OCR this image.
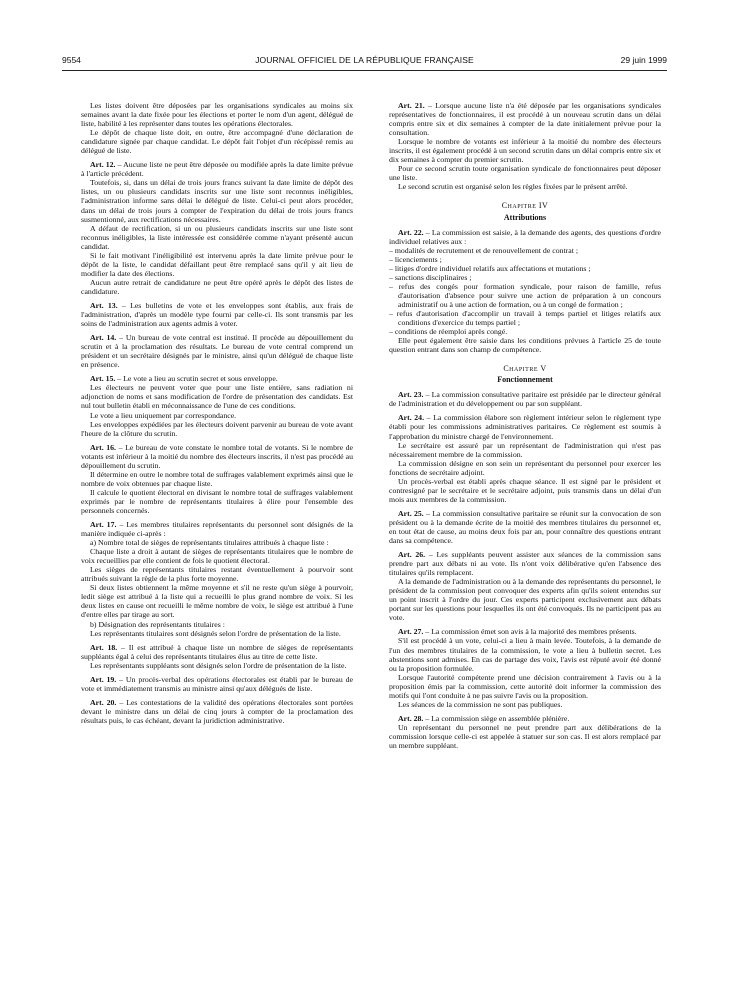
9554	JOURNAL OFFICIEL DE LA RÉPUBLIQUE FRANÇAISE	29 juin 1999

Les listes doivent être déposées par les organisations syndicales au moins six semaines avant la date fixée pour les élections et porter le nom d'un agent, délégué de liste, habilité à les représenter dans toutes les opérations électorales.

Le dépôt de chaque liste doit, en outre, être accompagné d'une déclaration de candidature signée par chaque candidat. Le dépôt fait l'objet d'un récépissé remis au délégué de liste.

Art. 12. – Aucune liste ne peut être déposée ou modifiée après la date limite prévue à l'article précédent.

Toutefois, si, dans un délai de trois jours francs suivant la date limite de dépôt des listes, un ou plusieurs candidats inscrits sur une liste sont reconnus inéligibles, l'administration informe sans délai le délégué de liste. Celui-ci peut alors procéder, dans un délai de trois jours à compter de l'expiration du délai de trois jours francs susmentionné, aux rectifications nécessaires.

A défaut de rectification, si un ou plusieurs candidats inscrits sur une liste sont reconnus inéligibles, la liste intéressée est considérée comme n'ayant présenté aucun candidat.

Si le fait motivant l'inéligibilité est intervenu après la date limite prévue pour le dépôt de la liste, le candidat défaillant peut être remplacé sans qu'il y ait lieu de modifier la date des élections.

Aucun autre retrait de candidature ne peut être opéré après le dépôt des listes de candidature.

Art. 13. – Les bulletins de vote et les enveloppes sont établis, aux frais de l'administration, d'après un modèle type fourni par celle-ci. Ils sont transmis par les soins de l'administration aux agents admis à voter.

Art. 14. – Un bureau de vote central est institué. Il procède au dépouillement du scrutin et à la proclamation des résultats. Le bureau de vote central comprend un président et un secrétaire désignés par le ministre, ainsi qu'un délégué de chaque liste en présence.

Art. 15. – Le vote a lieu au scrutin secret et sous enveloppe.

Les électeurs ne peuvent voter que pour une liste entière, sans radiation ni adjonction de noms et sans modification de l'ordre de présentation des candidats. Est nul tout bulletin établi en méconnaissance de l'une de ces conditions.

Le vote a lieu uniquement par correspondance.

Les enveloppes expédiées par les électeurs doivent parvenir au bureau de vote avant l'heure de la clôture du scrutin.

Art. 16. – Le bureau de vote constate le nombre total de votants. Si le nombre de votants est inférieur à la moitié du nombre des électeurs inscrits, il n'est pas procédé au dépouillement du scrutin.

Il détermine en outre le nombre total de suffrages valablement exprimés ainsi que le nombre de voix obtenues par chaque liste.

Il calcule le quotient électoral en divisant le nombre total de suffrages valablement exprimés par le nombre de représentants titulaires à élire pour l'ensemble des personnels concernés.

Art. 17. – Les membres titulaires représentants du personnel sont désignés de la manière indiquée ci-après :

a) Nombre total de sièges de représentants titulaires attribués à chaque liste :

Chaque liste a droit à autant de sièges de représentants titulaires que le nombre de voix recueillies par elle contient de fois le quotient électoral.

Les sièges de représentants titulaires restant éventuellement à pourvoir sont attribués suivant la règle de la plus forte moyenne.

Si deux listes obtiennent la même moyenne et s'il ne reste qu'un siège à pourvoir, ledit siège est attribué à la liste qui a recueilli le plus grand nombre de voix. Si les deux listes en cause ont recueilli le même nombre de voix, le siège est attribué à l'une d'entre elles par tirage au sort.

b) Désignation des représentants titulaires :

Les représentants titulaires sont désignés selon l'ordre de présentation de la liste.

Art. 18. – Il est attribué à chaque liste un nombre de sièges de représentants suppléants égal à celui des représentants titulaires élus au titre de cette liste.

Les représentants suppléants sont désignés selon l'ordre de présentation de la liste.

Art. 19. – Un procès-verbal des opérations électorales est établi par le bureau de vote et immédiatement transmis au ministre ainsi qu'aux délégués de liste.

Art. 20. – Les contestations de la validité des opérations électorales sont portées devant le ministre dans un délai de cinq jours à compter de la proclamation des résultats puis, le cas échéant, devant la juridiction administrative.

Art. 21. – Lorsque aucune liste n'a été déposée par les organisations syndicales représentatives de fonctionnaires, il est procédé à un nouveau scrutin dans un délai compris entre six et dix semaines à compter de la date initialement prévue pour la consultation.

Lorsque le nombre de votants est inférieur à la moitié du nombre des électeurs inscrits, il est également procédé à un second scrutin dans un délai compris entre six et dix semaines à compter du premier scrutin.

Pour ce second scrutin toute organisation syndicale de fonctionnaires peut déposer une liste.

Le second scrutin est organisé selon les règles fixées par le présent arrêté.

Chapitre IV
Attributions

Art. 22. – La commission est saisie, à la demande des agents, des questions d'ordre individuel relatives aux :

– modalités de recrutement et de renouvellement de contrat ;

– licenciements ;

– litiges d'ordre individuel relatifs aux affectations et mutations ;

– sanctions disciplinaires ;

– refus des congés pour formation syndicale, pour raison de famille, refus d'autorisation d'absence pour suivre une action de préparation à un concours administratif ou à une action de formation, ou à un congé de formation ;

– refus d'autorisation d'accomplir un travail à temps partiel et litiges relatifs aux conditions d'exercice du temps partiel ;

– conditions de réemploi après congé.

Elle peut également être saisie dans les conditions prévues à l'article 25 de toute question entrant dans son champ de compétence.

Chapitre V
Fonctionnement

Art. 23. – La commission consultative paritaire est présidée par le directeur général de l'administration et du développement ou par son suppléant.

Art. 24. – La commission élabore son règlement intérieur selon le règlement type établi pour les commissions administratives paritaires. Ce règlement est soumis à l'approbation du ministre chargé de l'environnement.

Le secrétaire est assuré par un représentant de l'administration qui n'est pas nécessairement membre de la commission.

La commission désigne en son sein un représentant du personnel pour exercer les fonctions de secrétaire adjoint.

Un procès-verbal est établi après chaque séance. Il est signé par le président et contresigné par le secrétaire et le secrétaire adjoint, puis transmis dans un délai d'un mois aux membres de la commission.

Art. 25. – La commission consultative paritaire se réunit sur la convocation de son président ou à la demande écrite de la moitié des membres titulaires du personnel et, en tout état de cause, au moins deux fois par an, pour connaître des questions entrant dans sa compétence.

Art. 26. – Les suppléants peuvent assister aux séances de la commission sans prendre part aux débats ni au vote. Ils n'ont voix délibérative qu'en l'absence des titulaires qu'ils remplacent.

A la demande de l'administration ou à la demande des représentants du personnel, le président de la commission peut convoquer des experts afin qu'ils soient entendus sur un point inscrit à l'ordre du jour. Ces experts participent exclusivement aux débats portant sur les questions pour lesquelles ils ont été convoqués. Ils ne participent pas au vote.

Art. 27. – La commission émet son avis à la majorité des membres présents.

S'il est procédé à un vote, celui-ci a lieu à main levée. Toutefois, à la demande de l'un des membres titulaires de la commission, le vote a lieu à bulletin secret. Les abstentions sont admises. En cas de partage des voix, l'avis est réputé avoir été donné ou la proposition formulée.

Lorsque l'autorité compétente prend une décision contrairement à l'avis ou à la proposition émis par la commission, cette autorité doit informer la commission des motifs qui l'ont conduite à ne pas suivre l'avis ou la proposition.

Les séances de la commission ne sont pas publiques.

Art. 28. – La commission siège en assemblée plénière.

Un représentant du personnel ne peut prendre part aux délibérations de la commission lorsque celle-ci est appelée à statuer sur son cas. Il est alors remplacé par un membre suppléant.
